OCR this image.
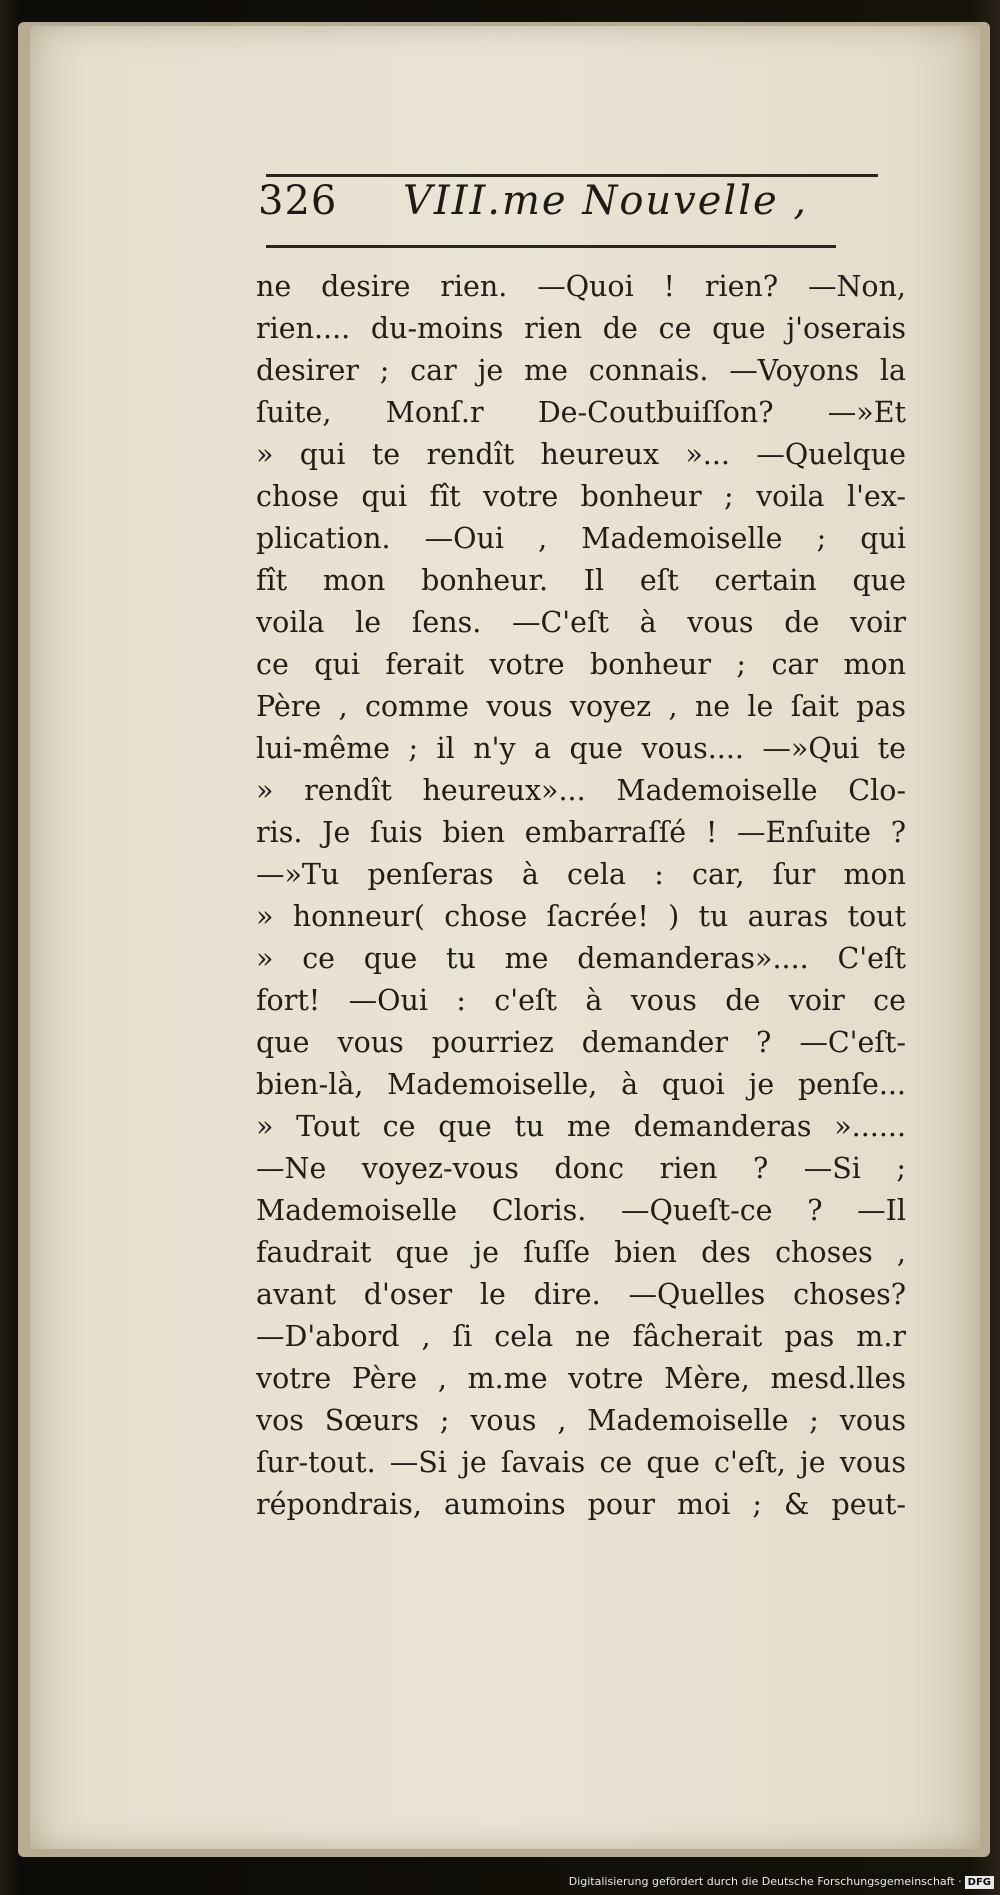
326 VIII.me Nouvelle ,
ne desire rien. —Quoi ! rien? —Non,
rien.... du-moins rien de ce que j'oserais
desirer ; car je me connais. —Voyons la
ſuite, Monſ.r De-Coutbuiſſon? —»Et
» qui te rendît heureux »... —Quelque
chose qui fît votre bonheur ; voila l'ex-
plication. —Oui , Mademoiselle ; qui
fît mon bonheur. Il eſt certain que
voila le ſens. —C'eſt à vous de voir
ce qui ferait votre bonheur ; car mon
Père , comme vous voyez , ne le ſait pas
lui-même ; il n'y a que vous.... —»Qui te
» rendît heureux»... Mademoiselle Clo-
ris. Je ſuis bien embarraſſé ! —Enſuite ?
—»Tu penſeras à cela : car, ſur mon
» honneur( chose ſacrée! ) tu auras tout
» ce que tu me demanderas».... C'eſt
fort! —Oui : c'eſt à vous de voir ce
que vous pourriez demander ? —C'eſt-
bien-là, Mademoiselle, à quoi je penſe...
» Tout ce que tu me demanderas »......
—Ne voyez-vous donc rien ? —Si ;
Mademoiselle Cloris. —Queſt-ce ? —Il
faudrait que je ſuſſe bien des choses ,
avant d'oser le dire. —Quelles choses?
—D'abord , ſi cela ne fâcherait pas m.r
votre Père , m.me votre Mère, mesd.lles
vos Sœurs ; vous , Mademoiselle ; vous
ſur-tout. —Si je ſavais ce que c'eſt, je vous
répondrais, aumoins pour moi ; & peut-
Digitalisierung gefördert durch die Deutsche Forschungsgemeinschaft · DFG
